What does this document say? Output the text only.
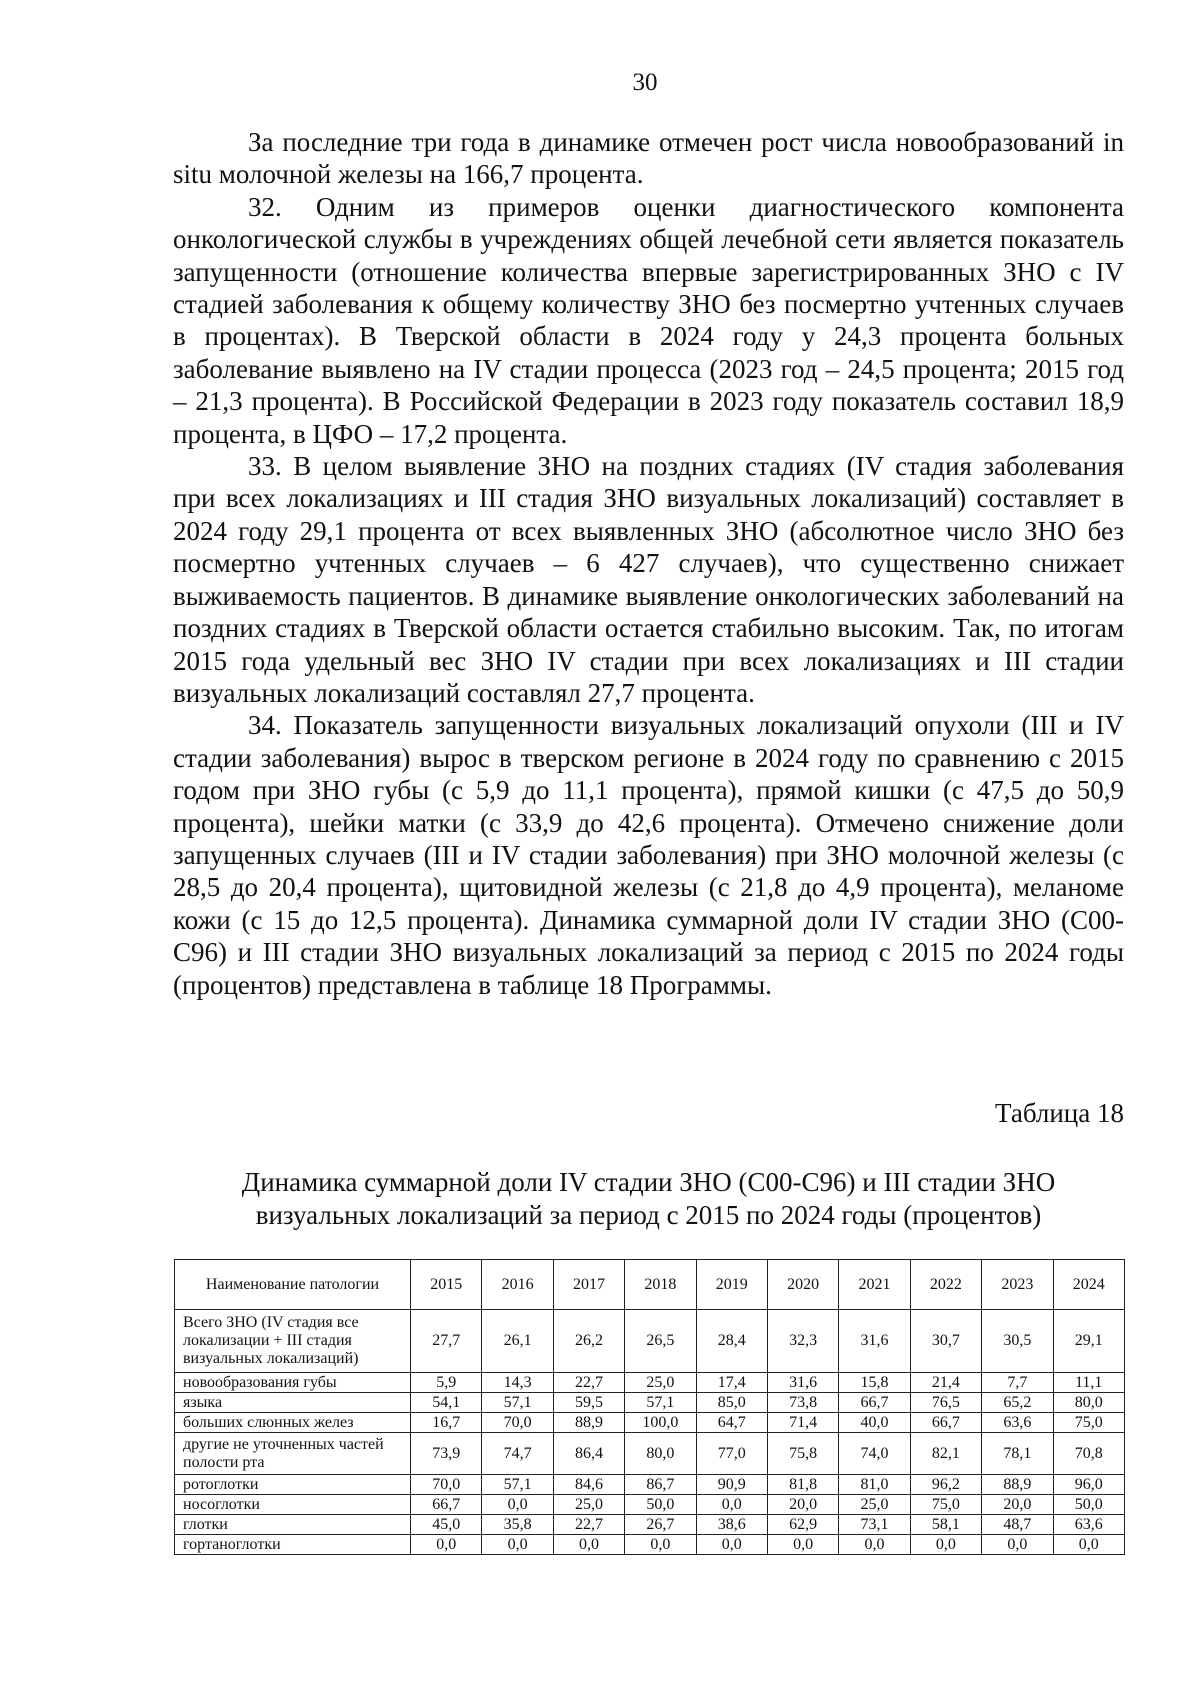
30

За последние три года в динамике отмечен рост числа новообразований in situ молочной железы на 166,7 процента.

32. Одним из примеров оценки диагностического компонента онкологической службы в учреждениях общей лечебной сети является показатель запущенности (отношение количества впервые зарегистрированных ЗНО с IV стадией заболевания к общему количеству ЗНО без посмертно учтенных случаев в процентах). В Тверской области в 2024 году у 24,3 процента больных заболевание выявлено на IV стадии процесса (2023 год – 24,5 процента; 2015 год – 21,3 процента). В Российской Федерации в 2023 году показатель составил 18,9 процента, в ЦФО – 17,2 процента.

33. В целом выявление ЗНО на поздних стадиях (IV стадия заболевания при всех локализациях и III стадия ЗНО визуальных локализаций) составляет в 2024 году 29,1 процента от всех выявленных ЗНО (абсолютное число ЗНО без посмертно учтенных случаев – 6 427 случаев), что существенно снижает выживаемость пациентов. В динамике выявление онкологических заболеваний на поздних стадиях в Тверской области остается стабильно высоким. Так, по итогам 2015 года удельный вес ЗНО IV стадии при всех локализациях и III стадии визуальных локализаций составлял 27,7 процента.

34. Показатель запущенности визуальных локализаций опухоли (III и IV стадии заболевания) вырос в тверском регионе в 2024 году по сравнению с 2015 годом при ЗНО губы (с 5,9 до 11,1 процента), прямой кишки (с 47,5 до 50,9 процента), шейки матки (с 33,9 до 42,6 процента). Отмечено снижение доли запущенных случаев (III и IV стадии заболевания) при ЗНО молочной железы (с 28,5 до 20,4 процента), щитовидной железы (с 21,8 до 4,9 процента), меланоме кожи (с 15 до 12,5 процента). Динамика суммарной доли IV стадии ЗНО (С00-С96) и III стадии ЗНО визуальных локализаций за период с 2015 по 2024 годы (процентов) представлена в таблице 18 Программы.

Таблица 18
Динамика суммарной доли IV стадии ЗНО (С00-С96) и III стадии ЗНО визуальных локализаций за период с 2015 по 2024 годы (процентов)
Наименование патологии	2015	2016	2017	2018	2019	2020	2021	2022	2023	2024
Всего ЗНО (IV стадия все локализации + III стадия визуальных локализаций)	27,7	26,1	26,2	26,5	28,4	32,3	31,6	30,7	30,5	29,1
новообразования губы	5,9	14,3	22,7	25,0	17,4	31,6	15,8	21,4	7,7	11,1
языка	54,1	57,1	59,5	57,1	85,0	73,8	66,7	76,5	65,2	80,0
больших слюнных желез	16,7	70,0	88,9	100,0	64,7	71,4	40,0	66,7	63,6	75,0
другие не уточненных частей полости рта	73,9	74,7	86,4	80,0	77,0	75,8	74,0	82,1	78,1	70,8
ротоглотки	70,0	57,1	84,6	86,7	90,9	81,8	81,0	96,2	88,9	96,0
носоглотки	66,7	0,0	25,0	50,0	0,0	20,0	25,0	75,0	20,0	50,0
глотки	45,0	35,8	22,7	26,7	38,6	62,9	73,1	58,1	48,7	63,6
гортаноглотки	0,0	0,0	0,0	0,0	0,0	0,0	0,0	0,0	0,0	0,0
